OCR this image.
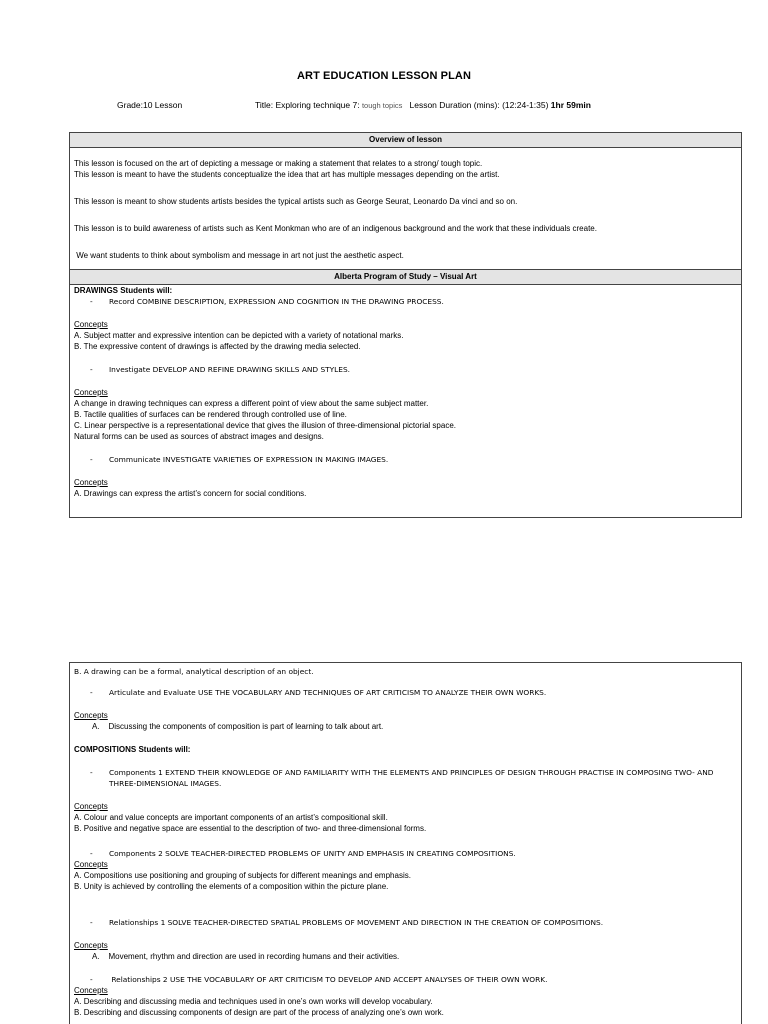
ART EDUCATION LESSON PLAN
Grade:10 Lesson	Title: Exploring technique 7: tough topics Lesson Duration (mins): (12:24-1:35) 1hr 59min
Overview of lesson

This lesson is focused on the art of depicting a message or making a statement that relates to a strong/ tough topic.

This lesson is meant to have the students conceptualize the idea that art has multiple messages depending on the artist.

This lesson is meant to show students artists besides the typical artists such as George Seurat, Leonardo Da vinci and so on.

This lesson is to build awareness of artists such as Kent Monkman who are of an indigenous background and the work that these individuals create.

We want students to think about symbolism and message in art not just the aesthetic aspect.

Alberta Program of Study – Visual Art

DRAWINGS Students will:

- Record COMBINE DESCRIPTION, EXPRESSION AND COGNITION IN THE DRAWING PROCESS.

Concepts

A. Subject matter and expressive intention can be depicted with a variety of notational marks.

B. The expressive content of drawings is affected by the drawing media selected.

- Investigate DEVELOP AND REFINE DRAWING SKILLS AND STYLES.

Concepts

A change in drawing techniques can express a different point of view about the same subject matter.

B. Tactile qualities of surfaces can be rendered through controlled use of line.

C. Linear perspective is a representational device that gives the illusion of three-dimensional pictorial space.

Natural forms can be used as sources of abstract images and designs.

- Communicate INVESTIGATE VARIETIES OF EXPRESSION IN MAKING IMAGES.

Concepts

A. Drawings can express the artist’s concern for social conditions.

B. A drawing can be a formal, analytical description of an object.

- Articulate and Evaluate USE THE VOCABULARY AND TECHNIQUES OF ART CRITICISM TO ANALYZE THEIR OWN WORKS.

Concepts

A.    Discussing the components of composition is part of learning to talk about art.

COMPOSITIONS Students will:

- Components 1 EXTEND THEIR KNOWLEDGE OF AND FAMILIARITY WITH THE ELEMENTS AND PRINCIPLES OF DESIGN THROUGH PRACTISE IN COMPOSING TWO- AND THREE-DIMENSIONAL IMAGES.

Concepts

A. Colour and value concepts are important components of an artist’s compositional skill.

B. Positive and negative space are essential to the description of two- and three-dimensional forms.

- Components 2 SOLVE TEACHER-DIRECTED PROBLEMS OF UNITY AND EMPHASIS IN CREATING COMPOSITIONS.

Concepts

A. Compositions use positioning and grouping of subjects for different meanings and emphasis.

B. Unity is achieved by controlling the elements of a composition within the picture plane.

- Relationships 1 SOLVE TEACHER-DIRECTED SPATIAL PROBLEMS OF MOVEMENT AND DIRECTION IN THE CREATION OF COMPOSITIONS.

Concepts

A.    Movement, rhythm and direction are used in recording humans and their activities.

- Relationships 2 USE THE VOCABULARY OF ART CRITICISM TO DEVELOP AND ACCEPT ANALYSES OF THEIR OWN WORK.

Concepts

A. Describing and discussing media and techniques used in one’s own works will develop vocabulary.

B. Describing and discussing components of design are part of the process of analyzing one’s own work.
